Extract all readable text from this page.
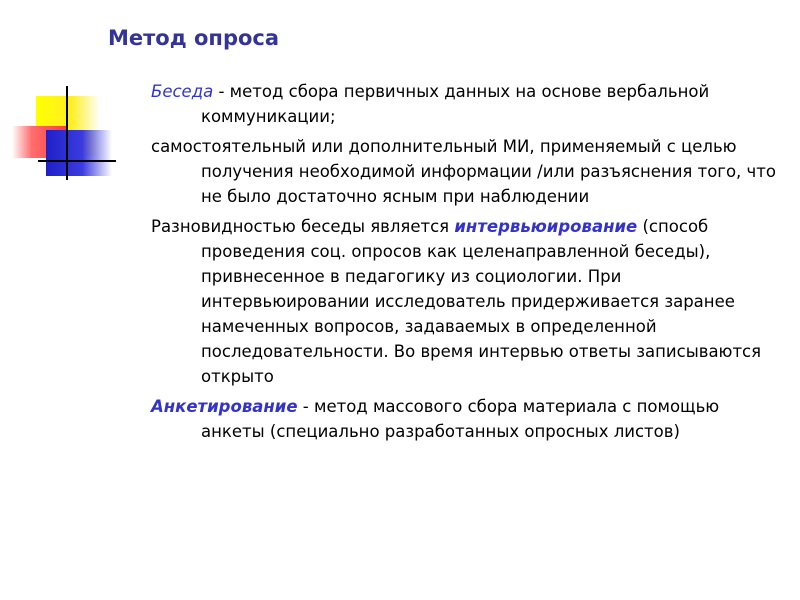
Метод опроса

Беседа - метод сбора первичных данных на основе вербальной коммуникации;

самостоятельный или дополнительный МИ, применяемый с целью получения необходимой информации /или разъяснения того, что не было достаточно ясным при наблюдении

Разновидностью беседы является интервьюирование (способ проведения соц. опросов как целенаправленной беседы), привнесенное в педагогику из социологии. При интервьюировании исследователь придерживается заранее намеченных вопросов, задаваемых в определенной последовательности. Во время интервью ответы записываются открыто

Анкетирование - метод массового сбора материала с помощью анкеты (специально разработанных опросных листов)
